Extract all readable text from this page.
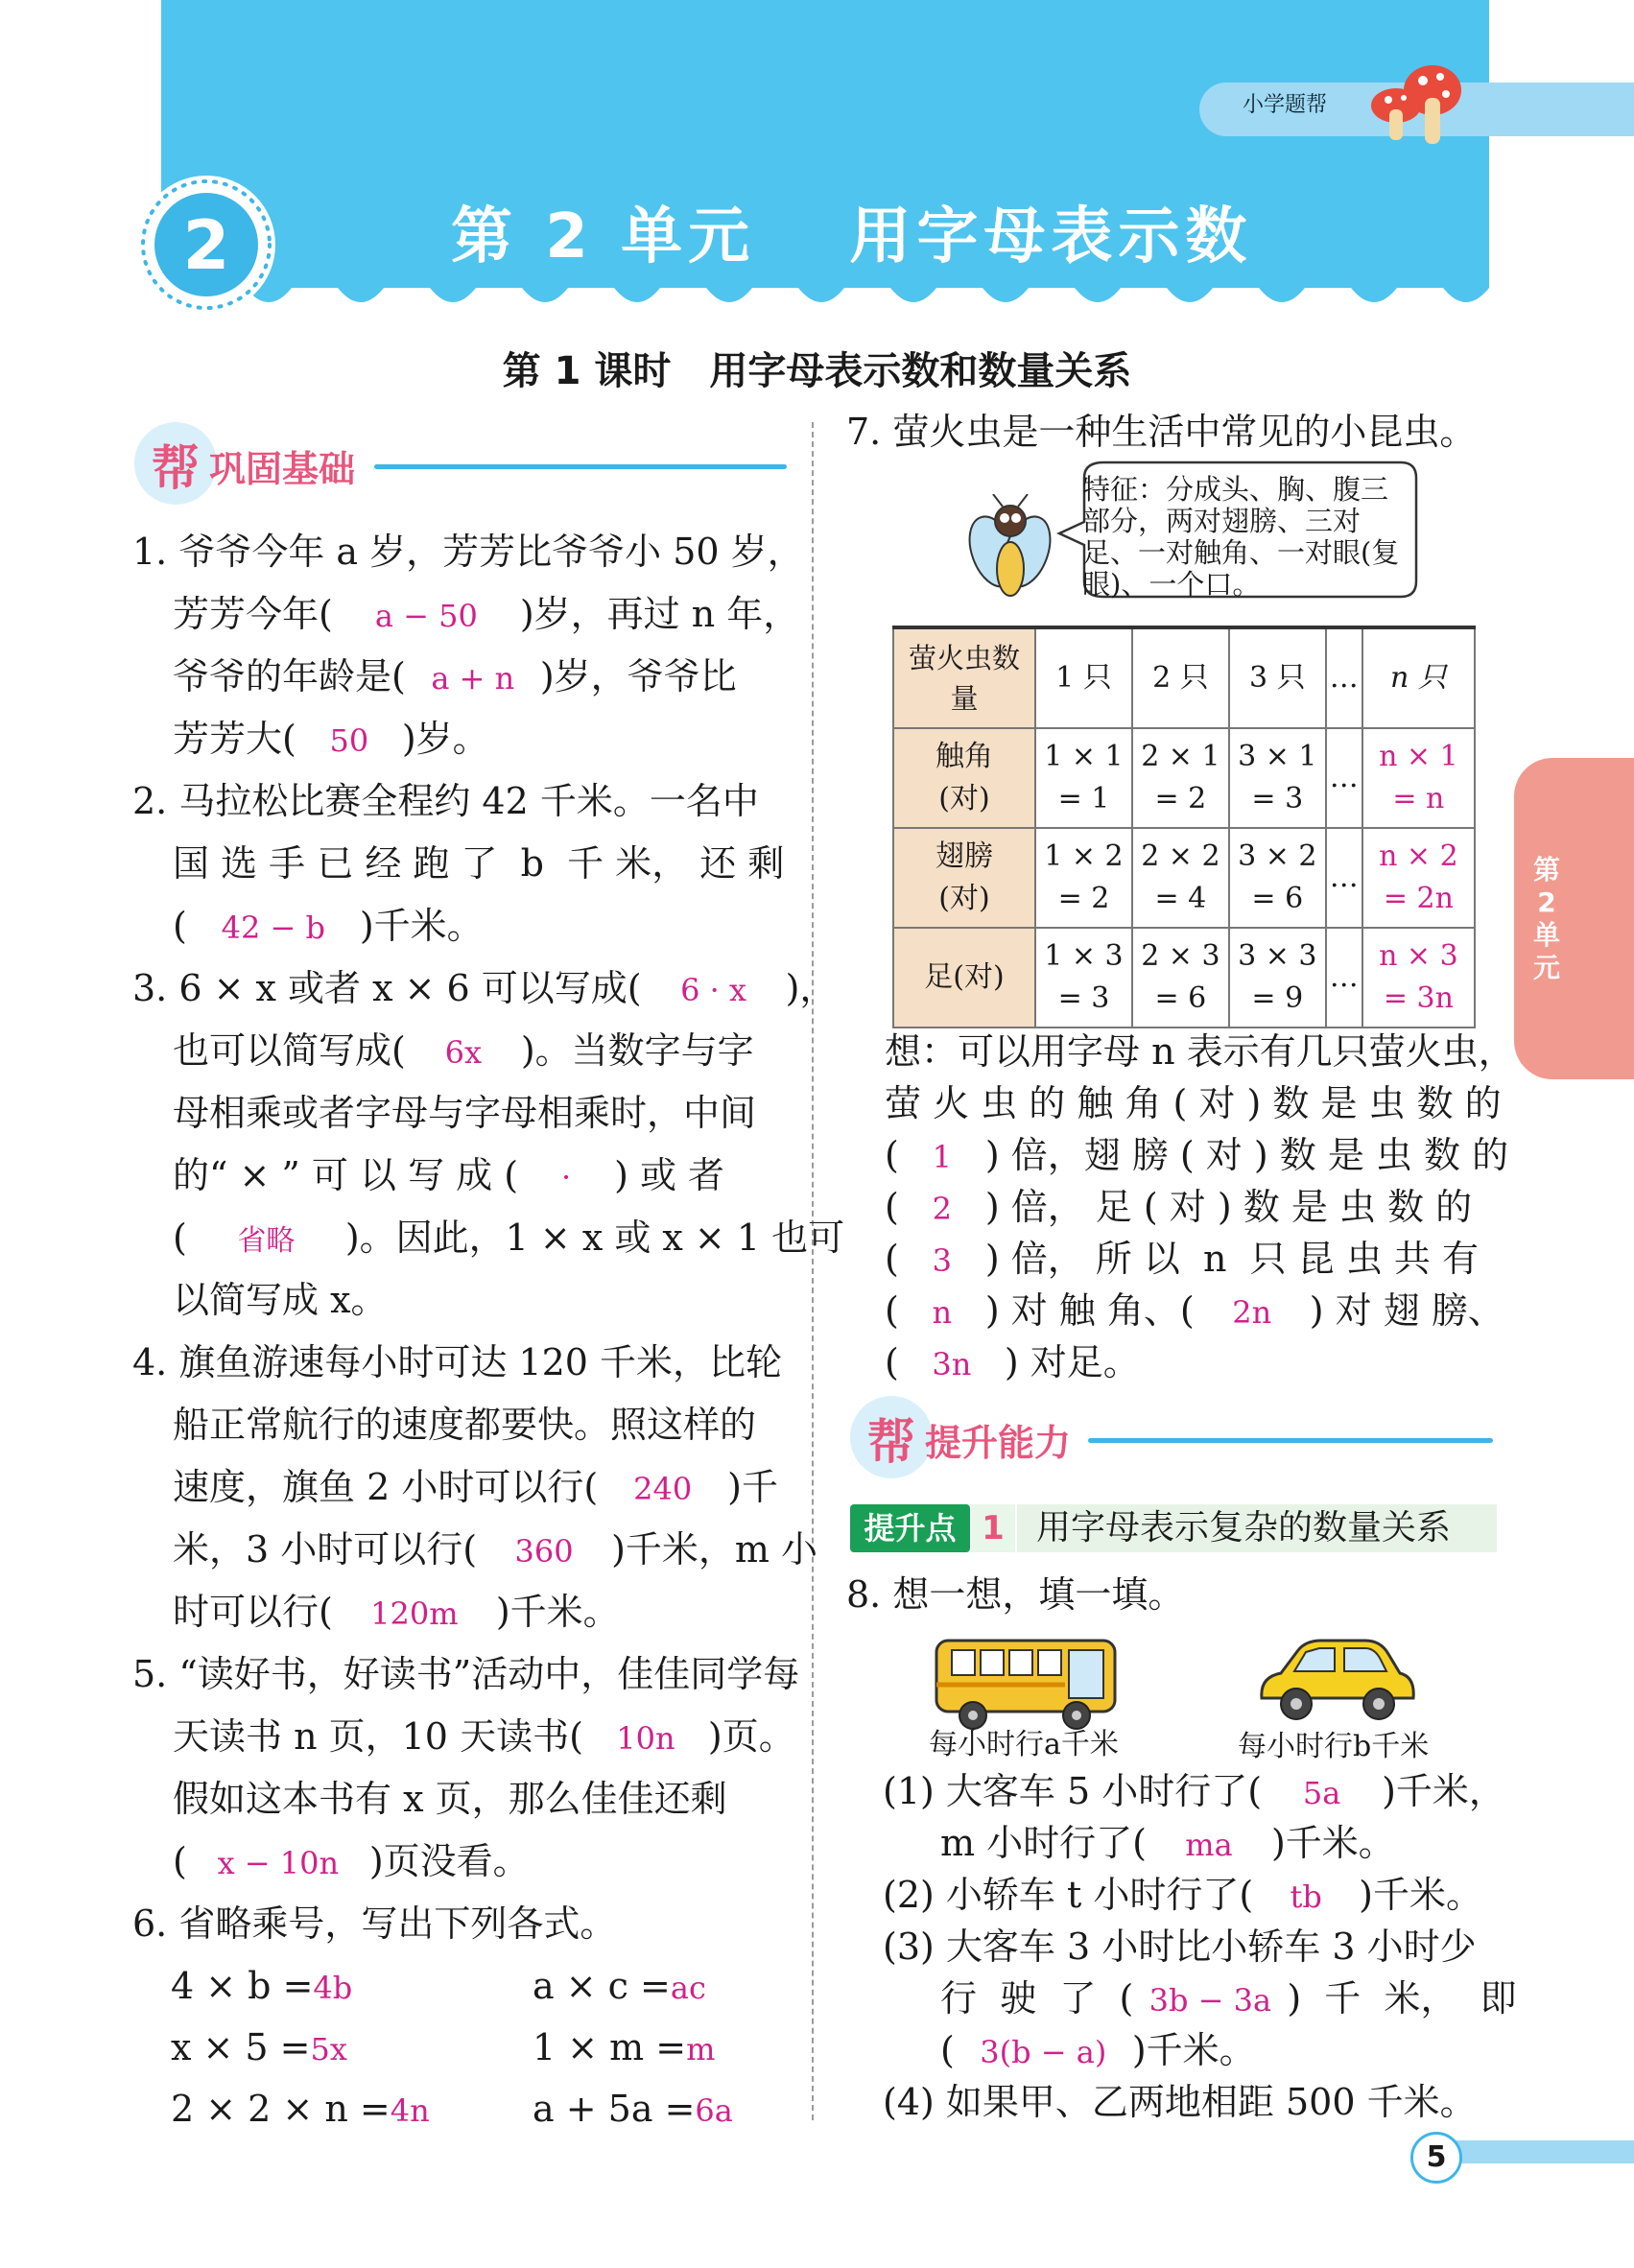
小学题帮
2	第 2 单元　 用字母表示数
第 1 课时　用字母表示数和数量关系
第2单元
帮 巩固基础
1. 爷爷今年 a 岁，芳芳比爷爷小 50 岁，
芳芳今年( a − 50 )岁，再过 n 年，
爷爷的年龄是( a + n )岁，爷爷比
芳芳大( 50 )岁。
2. 马拉松比赛全程约 42 千米。一名中
国 选 手 已 经 跑 了  b  千 米， 还 剩
( 42 − b )千米。
3. 6 × x 或者 x × 6 可以写成( 6 · x )，
也可以简写成( 6x )。当数字与字
母相乘或者字母与字母相乘时，中间
的“ × ” 可 以 写 成 ( · ) 或 者
( 省略 )。因此，1 × x 或 x × 1 也可
以简写成 x。
4. 旗鱼游速每小时可达 120 千米，比轮
船正常航行的速度都要快。照这样的
速度，旗鱼 2 小时可以行( 240 )千
米，3 小时可以行( 360 )千米，m 小
时可以行( 120m )千米。
5. “读好书，好读书”活动中，佳佳同学每
天读书 n 页，10 天读书( 10n )页。
假如这本书有 x 页，那么佳佳还剩
( x − 10n )页没看。
6. 省略乘号，写出下列各式。
4 × b =4b	a × c =ac
x × 5 =5x	1 × m =m
2 × 2 × n =4n	a + 5a =6a
7. 萤火虫是一种生活中常见的小昆虫。
特征：分成头、胸、腹三部分，两对翅膀、三对足、一对触角、一对眼(复眼)、一个口。
萤火虫数量	1 只	2 只	3 只	…	n 只
触角(对)	1 × 1 = 1	2 × 1 = 2	3 × 1 = 3	…	n × 1 = n
翅膀(对)	1 × 2 = 2	2 × 2 = 4	3 × 2 = 6	…	n × 2 = 2n
足(对)	1 × 3 = 3	2 × 3 = 6	3 × 3 = 9	…	n × 3 = 3n
想：可以用字母 n 表示有几只萤火虫，
萤 火 虫 的 触 角 ( 对 ) 数 是 虫 数 的
( 1 ) 倍，翅 膀 ( 对 ) 数 是 虫 数 的
( 2 ) 倍， 足 ( 对 ) 数 是 虫 数 的
( 3 ) 倍， 所 以  n  只 昆 虫 共 有
( n ) 对 触 角、( 2n ) 对 翅 膀、
( 3n ) 对足。
帮 提升能力
提升点 1 用字母表示复杂的数量关系
8. 想一想，填一填。
每小时行a千米	每小时行b千米
(1) 大客车 5 小时行了( 5a )千米，
m 小时行了( ma )千米。
(2) 小轿车 t 小时行了( tb )千米。
(3) 大客车 3 小时比小轿车 3 小时少
行  驶  了  ( 3b − 3a )  千  米，  即
( 3(b − a) )千米。
(4) 如果甲、乙两地相距 500 千米。
5
